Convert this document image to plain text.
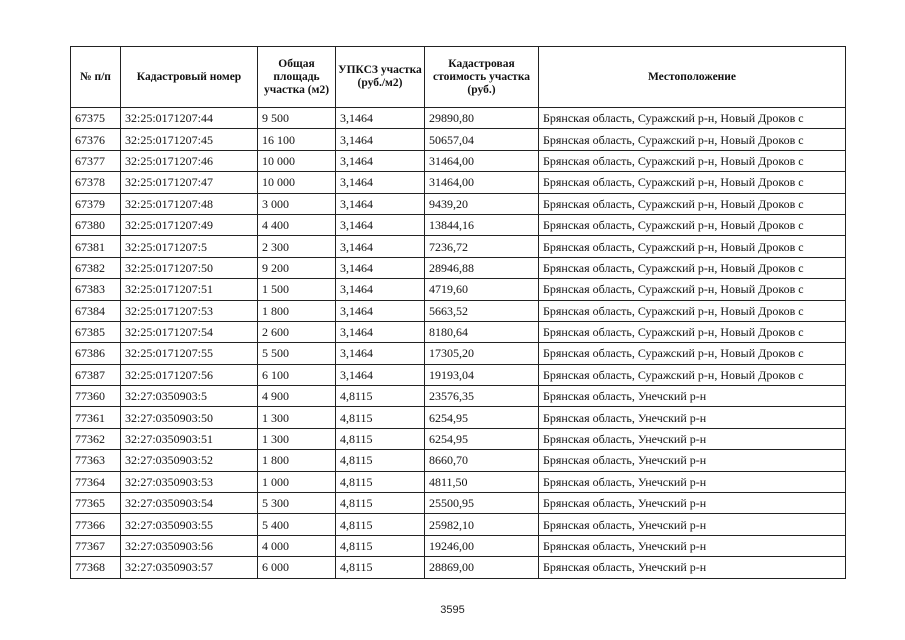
№ п/п	Кадастровый номер	Общая площадь участка (м2)	УПКСЗ участка (руб./м2)	Кадастровая стоимость участка (руб.)	Местоположение
67375	32:25:0171207:44	9 500	3,1464	29890,80	Брянская область, Суражский р-н, Новый Дроков с
67376	32:25:0171207:45	16 100	3,1464	50657,04	Брянская область, Суражский р-н, Новый Дроков с
67377	32:25:0171207:46	10 000	3,1464	31464,00	Брянская область, Суражский р-н, Новый Дроков с
67378	32:25:0171207:47	10 000	3,1464	31464,00	Брянская область, Суражский р-н, Новый Дроков с
67379	32:25:0171207:48	3 000	3,1464	9439,20	Брянская область, Суражский р-н, Новый Дроков с
67380	32:25:0171207:49	4 400	3,1464	13844,16	Брянская область, Суражский р-н, Новый Дроков с
67381	32:25:0171207:5	2 300	3,1464	7236,72	Брянская область, Суражский р-н, Новый Дроков с
67382	32:25:0171207:50	9 200	3,1464	28946,88	Брянская область, Суражский р-н, Новый Дроков с
67383	32:25:0171207:51	1 500	3,1464	4719,60	Брянская область, Суражский р-н, Новый Дроков с
67384	32:25:0171207:53	1 800	3,1464	5663,52	Брянская область, Суражский р-н, Новый Дроков с
67385	32:25:0171207:54	2 600	3,1464	8180,64	Брянская область, Суражский р-н, Новый Дроков с
67386	32:25:0171207:55	5 500	3,1464	17305,20	Брянская область, Суражский р-н, Новый Дроков с
67387	32:25:0171207:56	6 100	3,1464	19193,04	Брянская область, Суражский р-н, Новый Дроков с
77360	32:27:0350903:5	4 900	4,8115	23576,35	Брянская область, Унечский р-н
77361	32:27:0350903:50	1 300	4,8115	6254,95	Брянская область, Унечский р-н
77362	32:27:0350903:51	1 300	4,8115	6254,95	Брянская область, Унечский р-н
77363	32:27:0350903:52	1 800	4,8115	8660,70	Брянская область, Унечский р-н
77364	32:27:0350903:53	1 000	4,8115	4811,50	Брянская область, Унечский р-н
77365	32:27:0350903:54	5 300	4,8115	25500,95	Брянская область, Унечский р-н
77366	32:27:0350903:55	5 400	4,8115	25982,10	Брянская область, Унечский р-н
77367	32:27:0350903:56	4 000	4,8115	19246,00	Брянская область, Унечский р-н
77368	32:27:0350903:57	6 000	4,8115	28869,00	Брянская область, Унечский р-н
3595
